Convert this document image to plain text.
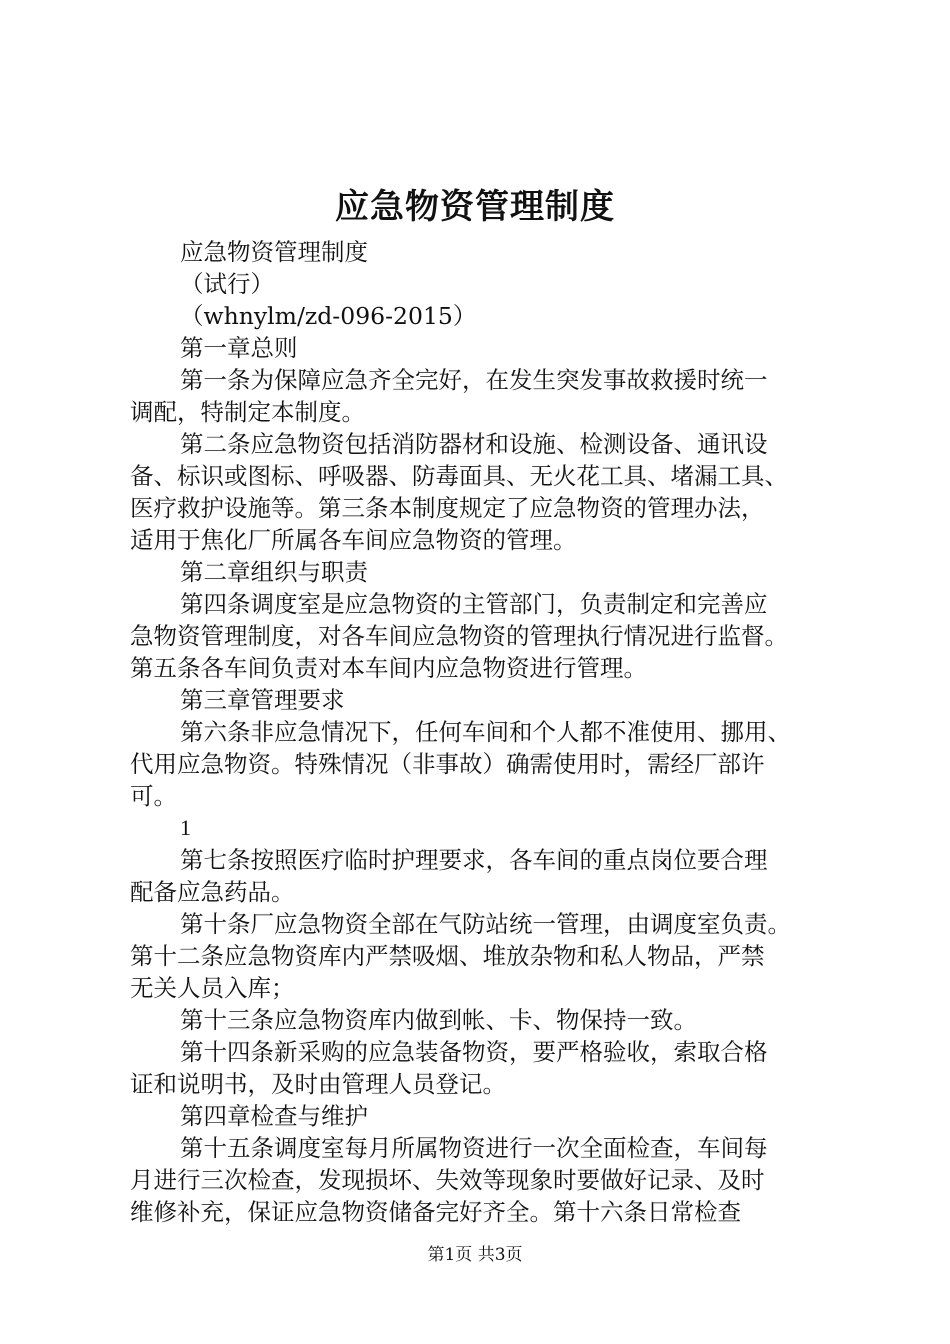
应急物资管理制度
应急物资管理制度
（试行）
（whnylm/zd-096-2015）
第一章总则
第一条为保障应急齐全完好，在发生突发事故救援时统一
调配，特制定本制度。
第二条应急物资包括消防器材和设施、检测设备、通讯设
备、标识或图标、呼吸器、防毒面具、无火花工具、堵漏工具、
医疗救护设施等。第三条本制度规定了应急物资的管理办法，
适用于焦化厂所属各车间应急物资的管理。
第二章组织与职责
第四条调度室是应急物资的主管部门，负责制定和完善应
急物资管理制度，对各车间应急物资的管理执行情况进行监督。
第五条各车间负责对本车间内应急物资进行管理。
第三章管理要求
第六条非应急情况下，任何车间和个人都不准使用、挪用、
代用应急物资。特殊情况（非事故）确需使用时，需经厂部许
可。
1
第七条按照医疗临时护理要求，各车间的重点岗位要合理
配备应急药品。
第十条厂应急物资全部在气防站统一管理，由调度室负责。
第十二条应急物资库内严禁吸烟、堆放杂物和私人物品，严禁
无关人员入库；
第十三条应急物资库内做到帐、卡、物保持一致。
第十四条新采购的应急装备物资，要严格验收，索取合格
证和说明书，及时由管理人员登记。
第四章检查与维护
第十五条调度室每月所属物资进行一次全面检查，车间每
月进行三次检查，发现损坏、失效等现象时要做好记录、及时
维修补充，保证应急物资储备完好齐全。第十六条日常检查
第1页 共3页
